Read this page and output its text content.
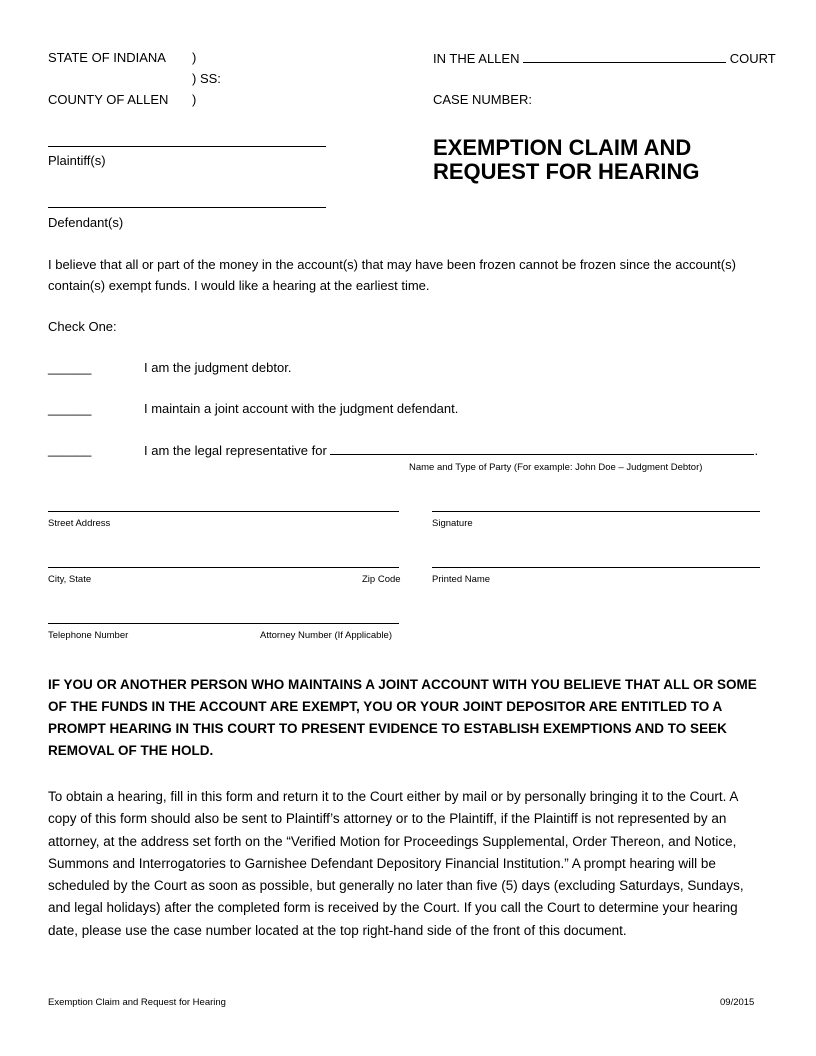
STATE OF INDIANA )
) SS:
COUNTY OF ALLEN )
IN THE ALLEN	COURT
CASE NUMBER:
Plaintiff(s)
Defendant(s)
EXEMPTION CLAIM AND
REQUEST FOR HEARING
I believe that all or part of the money in the account(s) that may have been frozen cannot be frozen since the account(s) contain(s) exempt funds. I would like a hearing at the earliest time.
Check One:
______	I am the judgment debtor.
______	I maintain a joint account with the judgment defendant.
______	I am the legal representative for	.
Name and Type of Party (For example: John Doe – Judgment Debtor)
Street Address	Signature
City, State	Zip Code	Printed Name
Telephone Number	Attorney Number (If Applicable)
IF YOU OR ANOTHER PERSON WHO MAINTAINS A JOINT ACCOUNT WITH YOU BELIEVE THAT ALL OR SOME OF THE FUNDS IN THE ACCOUNT ARE EXEMPT, YOU OR YOUR JOINT DEPOSITOR ARE ENTITLED TO A PROMPT HEARING IN THIS COURT TO PRESENT EVIDENCE TO ESTABLISH EXEMPTIONS AND TO SEEK REMOVAL OF THE HOLD.
To obtain a hearing, fill in this form and return it to the Court either by mail or by personally bringing it to the Court. A copy of this form should also be sent to Plaintiff’s attorney or to the Plaintiff, if the Plaintiff is not represented by an attorney, at the address set forth on the “Verified Motion for Proceedings Supplemental, Order Thereon, and Notice, Summons and Interrogatories to Garnishee Defendant Depository Financial Institution.” A prompt hearing will be scheduled by the Court as soon as possible, but generally no later than five (5) days (excluding Saturdays, Sundays, and legal holidays) after the completed form is received by the Court. If you call the Court to determine your hearing date, please use the case number located at the top right-hand side of the front of this document.
Exemption Claim and Request for Hearing	09/2015
